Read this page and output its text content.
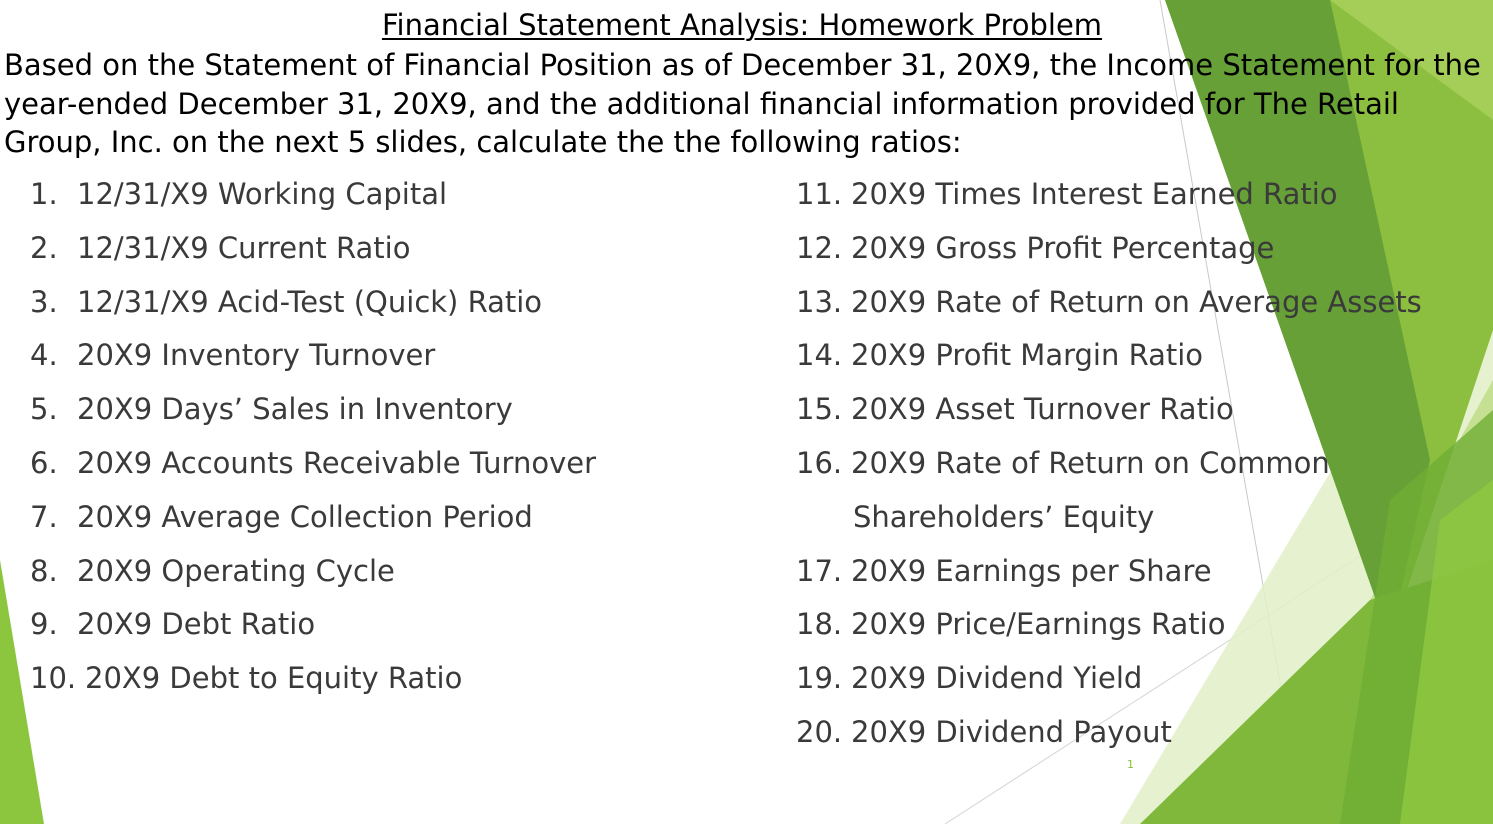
Financial Statement Analysis: Homework Problem

Based on the Statement of Financial Position as of December 31, 20X9, the Income Statement for the year-ended December 31, 20X9, and the additional financial information provided for The Retail Group, Inc. on the next 5 slides, calculate the the following ratios:

1. 12/31/X9 Working Capital
2. 12/31/X9 Current Ratio
3. 12/31/X9 Acid-Test (Quick) Ratio
4. 20X9 Inventory Turnover
5. 20X9 Days’ Sales in Inventory
6. 20X9 Accounts Receivable Turnover
7. 20X9 Average Collection Period
8. 20X9 Operating Cycle
9. 20X9 Debt Ratio
10. 20X9 Debt to Equity Ratio
11. 20X9 Times Interest Earned Ratio
12. 20X9 Gross Profit Percentage
13. 20X9 Rate of Return on Average Assets
14. 20X9 Profit Margin Ratio
15. 20X9 Asset Turnover Ratio
16. 20X9 Rate of Return on Common
Shareholders’ Equity
17. 20X9 Earnings per Share
18. 20X9 Price/Earnings Ratio
19. 20X9 Dividend Yield
20. 20X9 Dividend Payout
1
